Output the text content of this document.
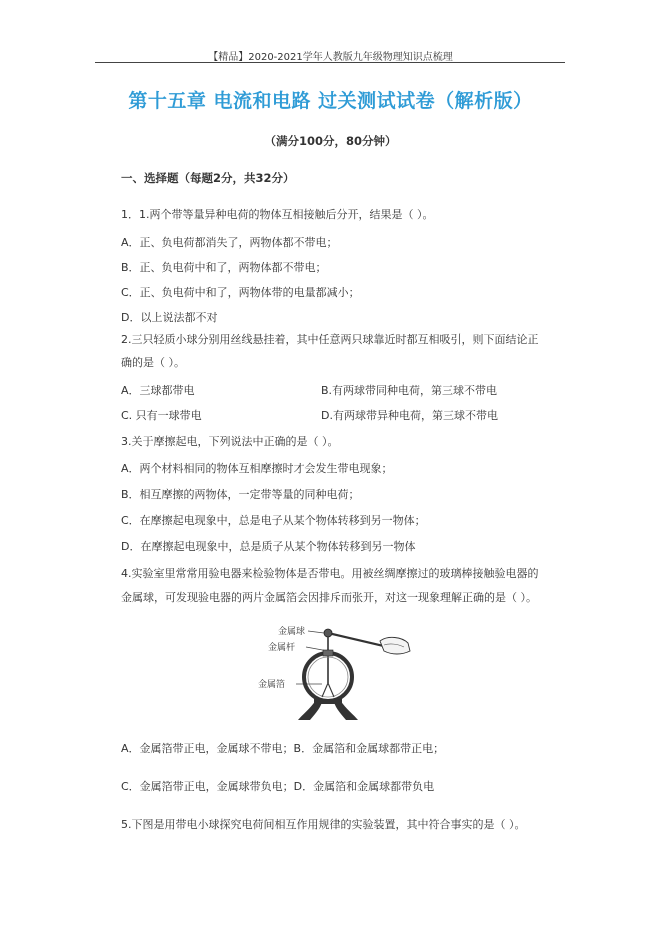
【精品】2020-2021学年人教版九年级物理知识点梳理
第十五章 电流和电路 过关测试试卷（解析版）
（满分100分，80分钟）
一、选择题（每题2分，共32分）
1．1.两个带等量异种电荷的物体互相接触后分开，结果是（ ）。
A．正、负电荷都消失了，两物体都不带电；
B．正、负电荷中和了，两物体都不带电；
C．正、负电荷中和了，两物体带的电量都减小；
D．以上说法都不对
2.三只轻质小球分别用丝线悬挂着，其中任意两只球靠近时都互相吸引，则下面结论正
确的是（ ）。
A．三球都带电	B.有两球带同种电荷，第三球不带电
C. 只有一球带电	D.有两球带异种电荷，第三球不带电
3.关于摩擦起电，下列说法中正确的是（ ）。
A．两个材料相同的物体互相摩擦时才会发生带电现象；
B．相互摩擦的两物体，一定带等量的同种电荷；
C．在摩擦起电现象中，总是电子从某个物体转移到另一物体；
D．在摩擦起电现象中，总是质子从某个物体转移到另一物体
4.实验室里常常用验电器来检验物体是否带电。用被丝绸摩擦过的玻璃棒接触验电器的
金属球，可发现验电器的两片金属箔会因排斥而张开，对这一现象理解正确的是（ ）。
金属球
金属杆
金属箔
A．金属箔带正电，金属球不带电；B．金属箔和金属球都带正电；
C．金属箔带正电，金属球带负电；D．金属箔和金属球都带负电
5.下图是用带电小球探究电荷间相互作用规律的实验装置，其中符合事实的是（ ）。
